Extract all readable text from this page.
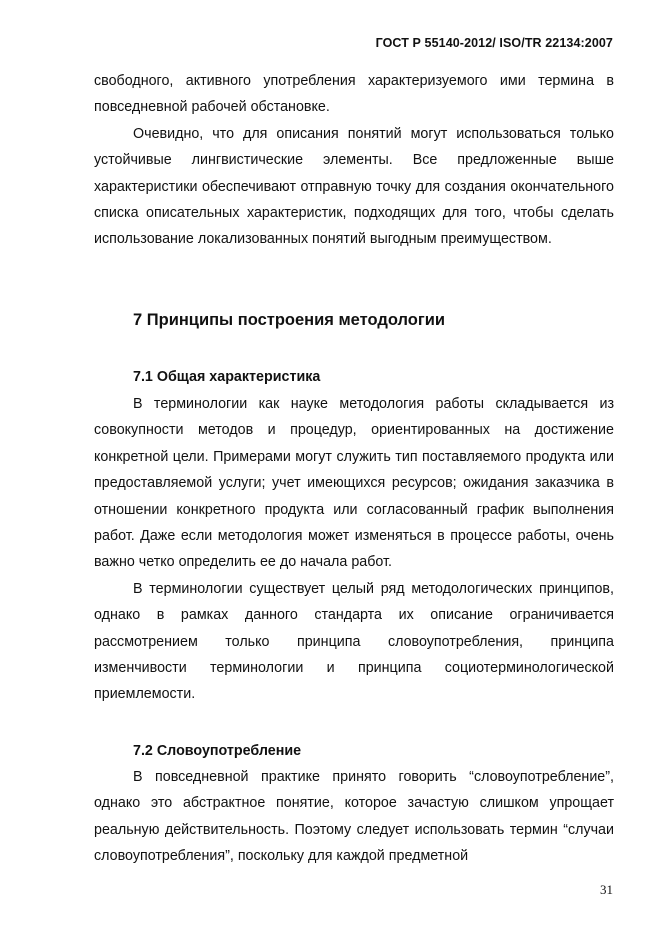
ГОСТ Р 55140-2012/ ISO/TR 22134:2007

свободного, активного употребления характеризуемого ими термина в повседневной рабочей обстановке.

Очевидно, что для описания понятий могут использоваться только устойчивые лингвистические элементы. Все предложенные выше характеристики обеспечивают отправную точку для создания окончательного списка описательных характеристик, подходящих для того, чтобы сделать использование локализованных понятий выгодным преимуществом.

7 Принципы построения методологии
7.1 Общая характеристика

В терминологии как науке методология работы складывается из совокупности методов и процедур, ориентированных на достижение конкретной цели. Примерами могут служить тип поставляемого продукта или предоставляемой услуги; учет имеющихся ресурсов; ожидания заказчика в отношении конкретного продукта или согласованный график выполнения работ. Даже если методология может изменяться в процессе работы, очень важно четко определить ее до начала работ.

В терминологии существует целый ряд методологических принципов, однако в рамках данного стандарта их описание ограничивается рассмотрением только принципа словоупотребления, принципа изменчивости терминологии и принципа социотерминологической приемлемости.

7.2 Словоупотребление

В повседневной практике принято говорить “словоупотребление”, однако это абстрактное понятие, которое зачастую слишком упрощает реальную действительность. Поэтому следует использовать термин “случаи словоупотребления”, поскольку для каждой предметной

31
